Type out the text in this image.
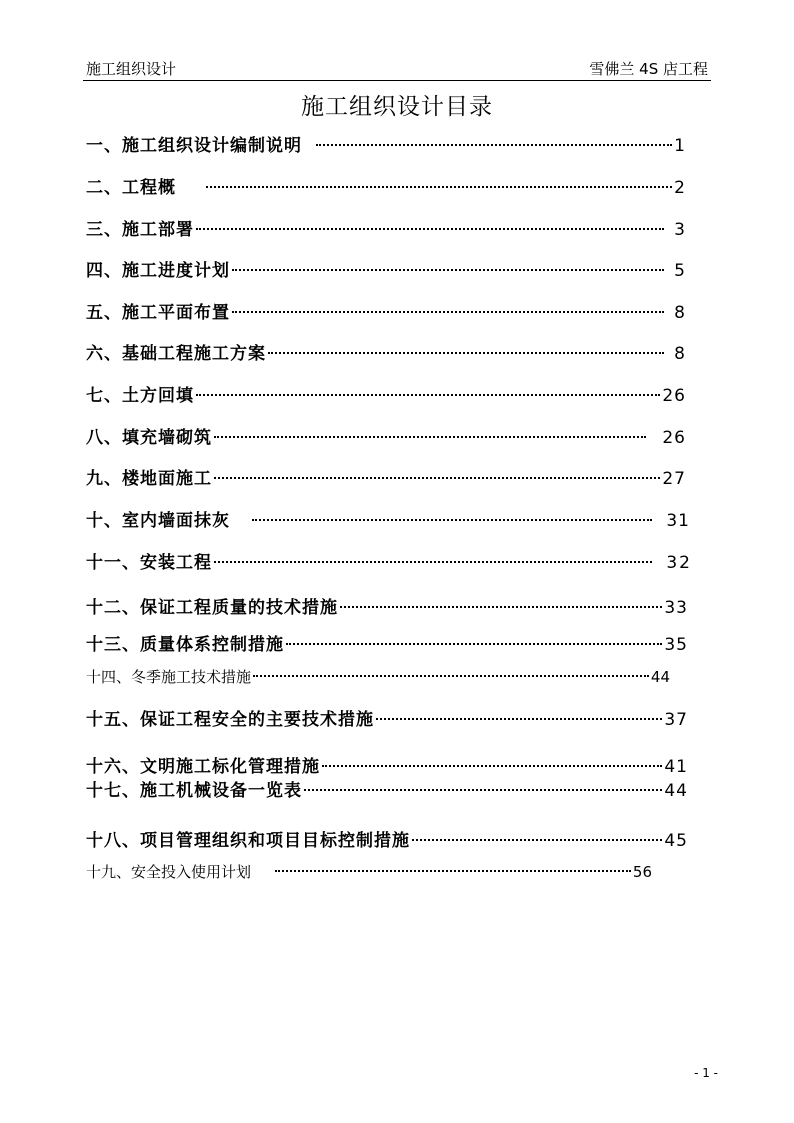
施工组织设计	雪佛兰 4S 店工程
施工组织设计目录
一、施工组织设计编制说明	1
二、工程概	2
三、施工部署	3
四、施工进度计划	5
五、施工平面布置	8
六、基础工程施工方案	8
七、土方回填	26
八、填充墙砌筑	26
九、楼地面施工	27
十、室内墙面抹灰	31
十一、安装工程	32
十二、保证工程质量的技术措施	33
十三、质量体系控制措施	35
十四、冬季施工技术措施	44
十五、保证工程安全的主要技术措施	37
十六、文明施工标化管理措施	41
十七、施工机械设备一览表	44
十八、项目管理组织和项目目标控制措施	45
十九、安全投入使用计划	56
- 1 -
